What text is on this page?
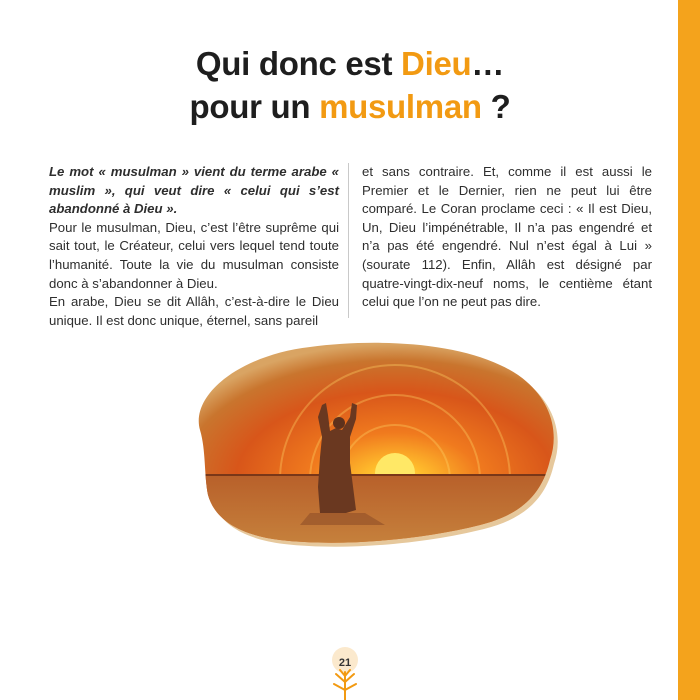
Qui donc est Dieu…
pour un musulman ?

Le mot « musulman » vient du terme arabe « muslim », qui veut dire « celui qui s’est abandonné à Dieu ».

Pour le musulman, Dieu, c’est l’être suprême qui sait tout, le Créateur, celui vers lequel tend toute l’humanité. Toute la vie du musulman consiste donc à s’abandonner à Dieu.

En arabe, Dieu se dit Allâh, c’est-à-dire le Dieu unique. Il est donc unique, éternel, sans pareil

et sans contraire. Et, comme il est aussi le Premier et le Dernier, rien ne peut lui être comparé. Le Coran proclame ceci : « Il est Dieu, Un, Dieu l’impénétrable, Il n’a pas engendré et n’a pas été engendré. Nul n’est égal à Lui » (sourate 112). Enfin, Allâh est désigné par quatre-vingt-dix-neuf noms, le centième étant celui que l’on ne peut pas dire.

21
